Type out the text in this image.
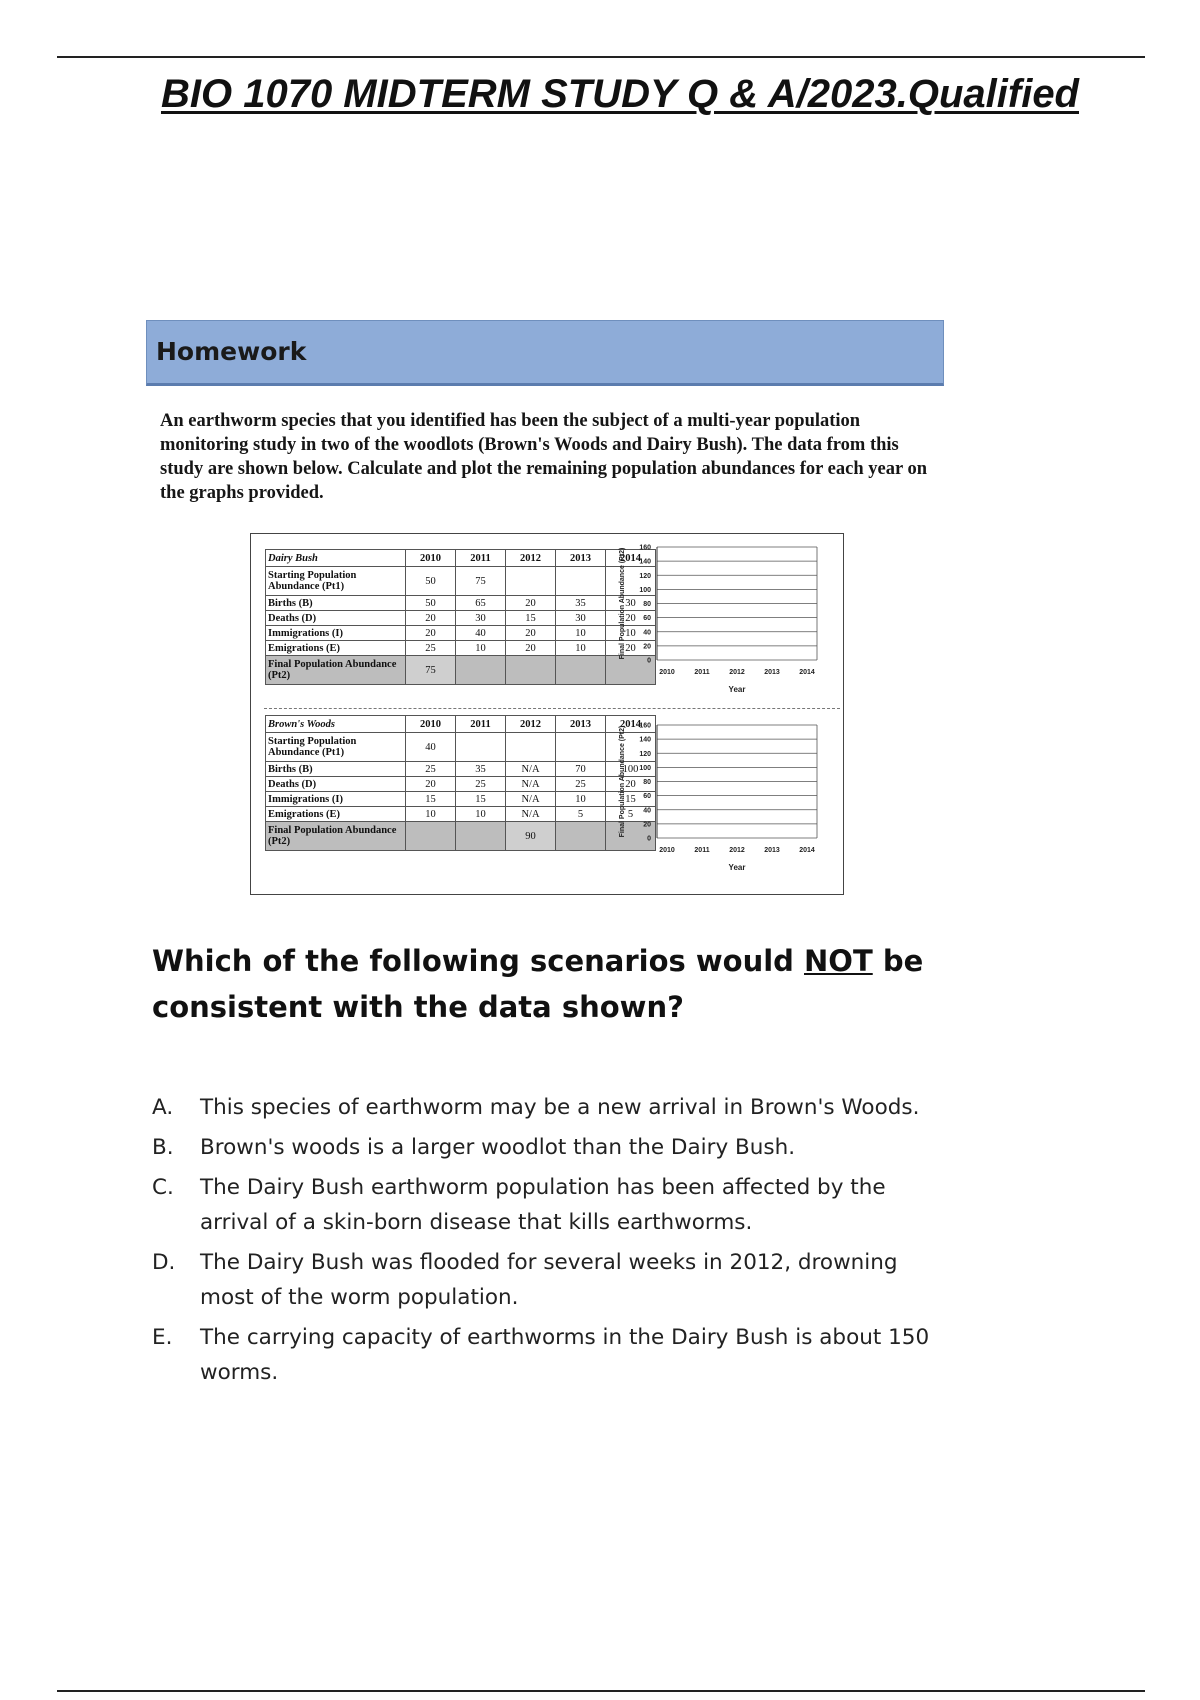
BIO 1070 MIDTERM STUDY Q & A/2023.Qualified
Homework
An earthworm species that you identified has been the subject of a multi-year population monitoring study in two of the woodlots (Brown's Woods and Dairy Bush). The data from this study are shown below. Calculate and plot the remaining population abundances for each year on the graphs provided.
Dairy Bush	2010	2011	2012	2013	2014
Starting Population Abundance (Pt1)	50	75			
Births (B)	50	65	20	35	30
Deaths (D)	20	30	15	30	20
Immigrations (I)	20	40	20	10	10
Emigrations (E)	25	10	20	10	20
Final Population Abundance (Pt2)	75				
Brown's Woods	2010	2011	2012	2013	2014
Starting Population Abundance (Pt1)	40				
Births (B)	25	35	N/A	70	100
Deaths (D)	20	25	N/A	25	20
Immigrations (I)	15	15	N/A	10	15
Emigrations (E)	10	10	N/A	5	5
Final Population Abundance (Pt2)			90		
Final Population Abundance (Pt2)
0
20
40
60
80
100
120
140
160
2010	2011	2012	2013	2014
Year
Final Population Abundance (Pt2)
0
20
40
60
80
100
120
140
160
2010	2011	2012	2013	2014
Year
Which of the following scenarios would NOT be consistent with the data shown?
A. This species of earthworm may be a new arrival in Brown's Woods.
B. Brown's woods is a larger woodlot than the Dairy Bush.
C. The Dairy Bush earthworm population has been affected by the arrival of a skin-born disease that kills earthworms.
D. The Dairy Bush was flooded for several weeks in 2012, drowning most of the worm population.
E. The carrying capacity of earthworms in the Dairy Bush is about 150 worms.
